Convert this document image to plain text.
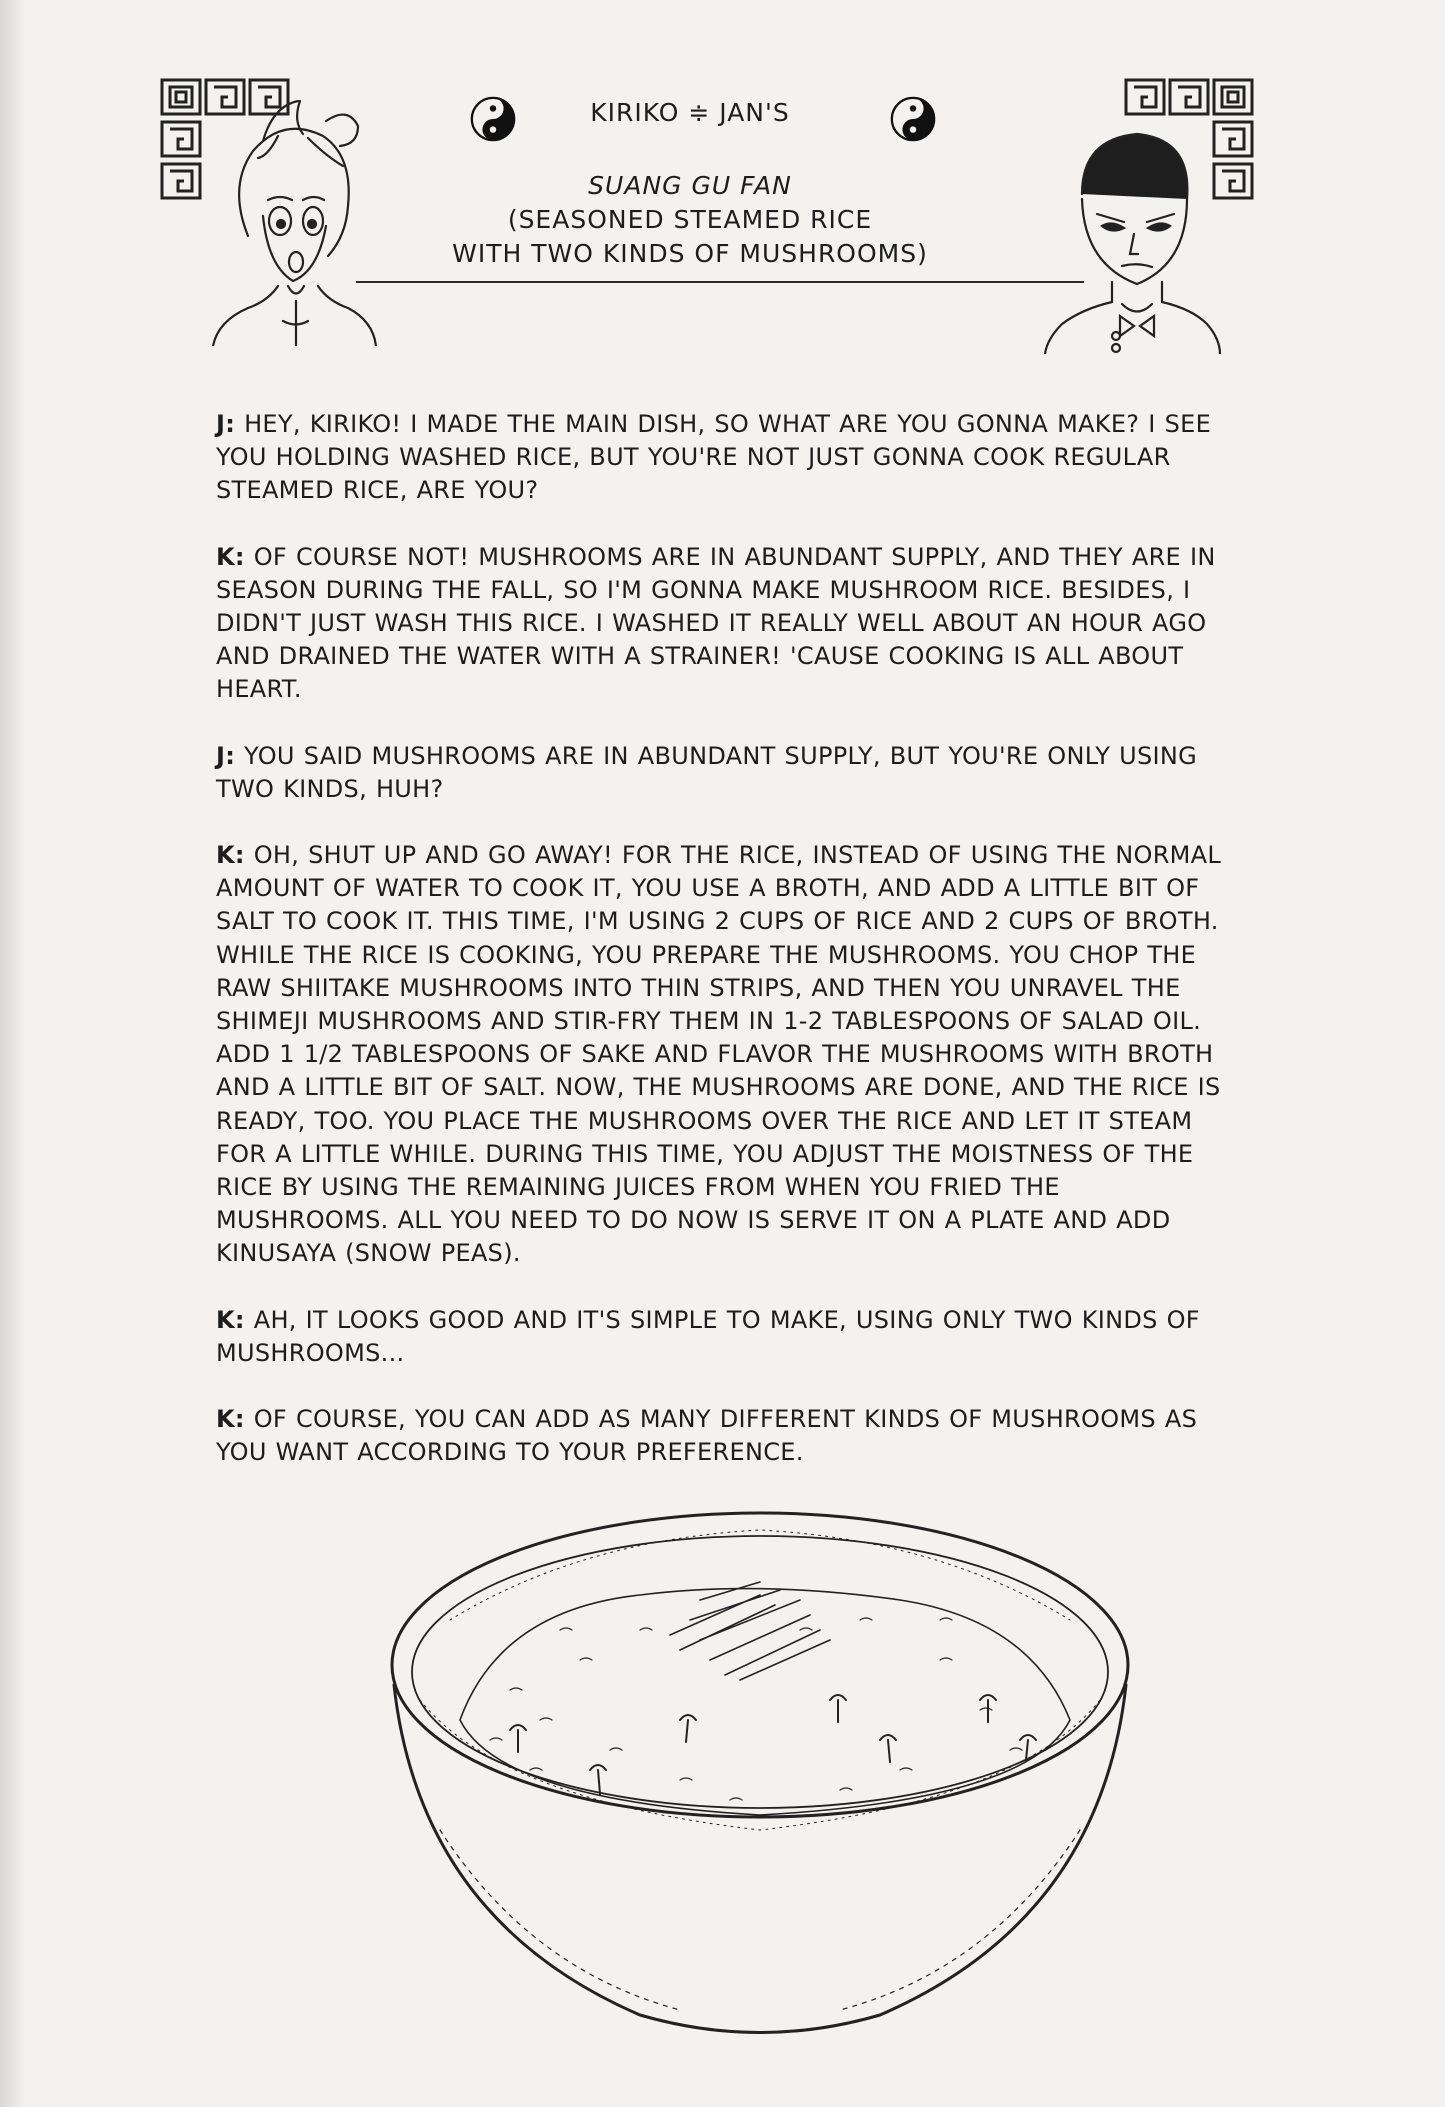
KIRIKO ≑ JAN'S
SUANG GU FAN
(SEASONED STEAMED RICE
WITH TWO KINDS OF MUSHROOMS)

J: HEY, KIRIKO! I MADE THE MAIN DISH, SO WHAT ARE YOU GONNA MAKE? I SEE YOU HOLDING WASHED RICE, BUT YOU'RE NOT JUST GONNA COOK REGULAR STEAMED RICE, ARE YOU?

K: OF COURSE NOT! MUSHROOMS ARE IN ABUNDANT SUPPLY, AND THEY ARE IN SEASON DURING THE FALL, SO I'M GONNA MAKE MUSHROOM RICE. BESIDES, I DIDN'T JUST WASH THIS RICE. I WASHED IT REALLY WELL ABOUT AN HOUR AGO AND DRAINED THE WATER WITH A STRAINER! 'CAUSE COOKING IS ALL ABOUT HEART.

J: YOU SAID MUSHROOMS ARE IN ABUNDANT SUPPLY, BUT YOU'RE ONLY USING TWO KINDS, HUH?

K: OH, SHUT UP AND GO AWAY! FOR THE RICE, INSTEAD OF USING THE NORMAL AMOUNT OF WATER TO COOK IT, YOU USE A BROTH, AND ADD A LITTLE BIT OF SALT TO COOK IT. THIS TIME, I'M USING 2 CUPS OF RICE AND 2 CUPS OF BROTH. WHILE THE RICE IS COOKING, YOU PREPARE THE MUSHROOMS. YOU CHOP THE RAW SHIITAKE MUSHROOMS INTO THIN STRIPS, AND THEN YOU UNRAVEL THE SHIMEJI MUSHROOMS AND STIR-FRY THEM IN 1-2 TABLESPOONS OF SALAD OIL. ADD 1 1/2 TABLESPOONS OF SAKE AND FLAVOR THE MUSHROOMS WITH BROTH AND A LITTLE BIT OF SALT. NOW, THE MUSHROOMS ARE DONE, AND THE RICE IS READY, TOO. YOU PLACE THE MUSHROOMS OVER THE RICE AND LET IT STEAM FOR A LITTLE WHILE. DURING THIS TIME, YOU ADJUST THE MOISTNESS OF THE RICE BY USING THE REMAINING JUICES FROM WHEN YOU FRIED THE MUSHROOMS. ALL YOU NEED TO DO NOW IS SERVE IT ON A PLATE AND ADD KINUSAYA (SNOW PEAS).

K: AH, IT LOOKS GOOD AND IT'S SIMPLE TO MAKE, USING ONLY TWO KINDS OF MUSHROOMS...

K: OF COURSE, YOU CAN ADD AS MANY DIFFERENT KINDS OF MUSHROOMS AS YOU WANT ACCORDING TO YOUR PREFERENCE.
